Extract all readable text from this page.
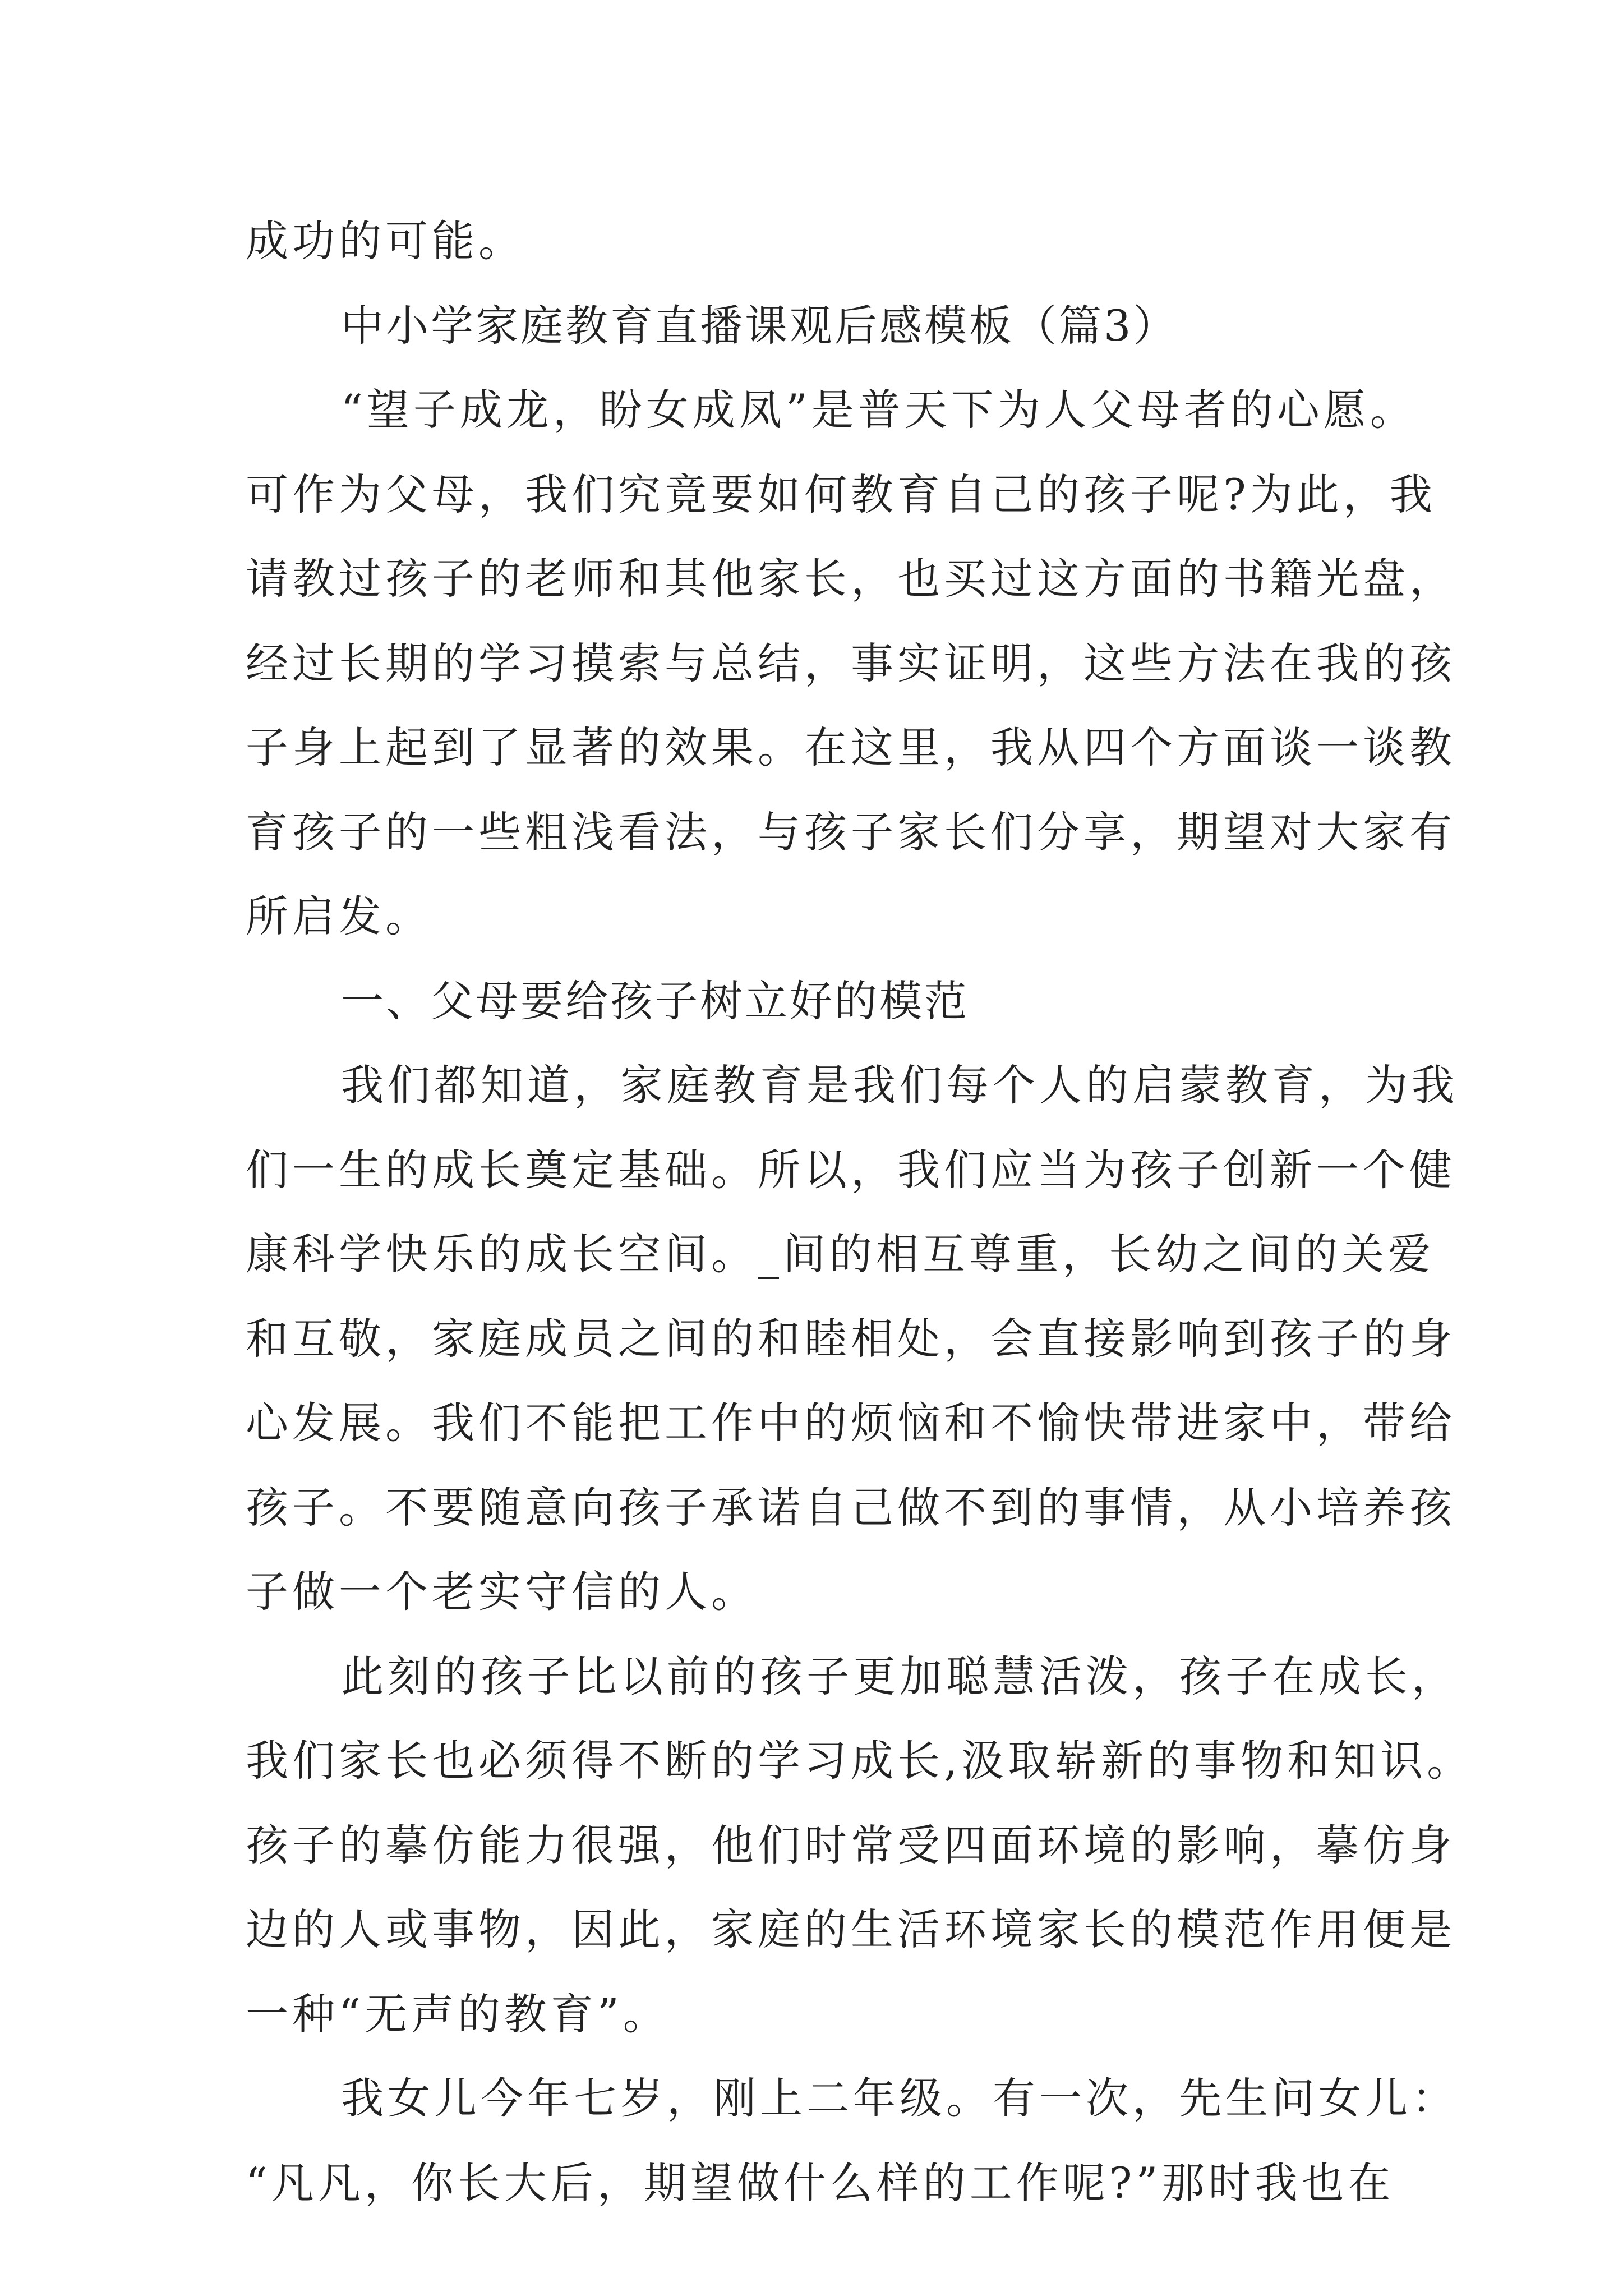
成功的可能。
中小学家庭教育直播课观后感模板（篇3）
“望子成龙，盼女成凤”是普天下为人父母者的心愿。
可作为父母，我们究竟要如何教育自己的孩子呢?为此，我
请教过孩子的老师和其他家长，也买过这方面的书籍光盘，
经过长期的学习摸索与总结，事实证明，这些方法在我的孩
子身上起到了显著的效果。在这里，我从四个方面谈一谈教
育孩子的一些粗浅看法，与孩子家长们分享，期望对大家有
所启发。
一、父母要给孩子树立好的模范
我们都知道，家庭教育是我们每个人的启蒙教育，为我
们一生的成长奠定基础。所以，我们应当为孩子创新一个健
康科学快乐的成长空间。_间的相互尊重，长幼之间的关爱
和互敬，家庭成员之间的和睦相处，会直接影响到孩子的身
心发展。我们不能把工作中的烦恼和不愉快带进家中，带给
孩子。不要随意向孩子承诺自己做不到的事情，从小培养孩
子做一个老实守信的人。
此刻的孩子比以前的孩子更加聪慧活泼，孩子在成长，
我们家长也必须得不断的学习成长,汲取崭新的事物和知识。
孩子的摹仿能力很强，他们时常受四面环境的影响，摹仿身
边的人或事物，因此，家庭的生活环境家长的模范作用便是
一种“无声的教育”。
我女儿今年七岁，刚上二年级。有一次，先生问女儿：
“凡凡，你长大后，期望做什么样的工作呢?”那时我也在
